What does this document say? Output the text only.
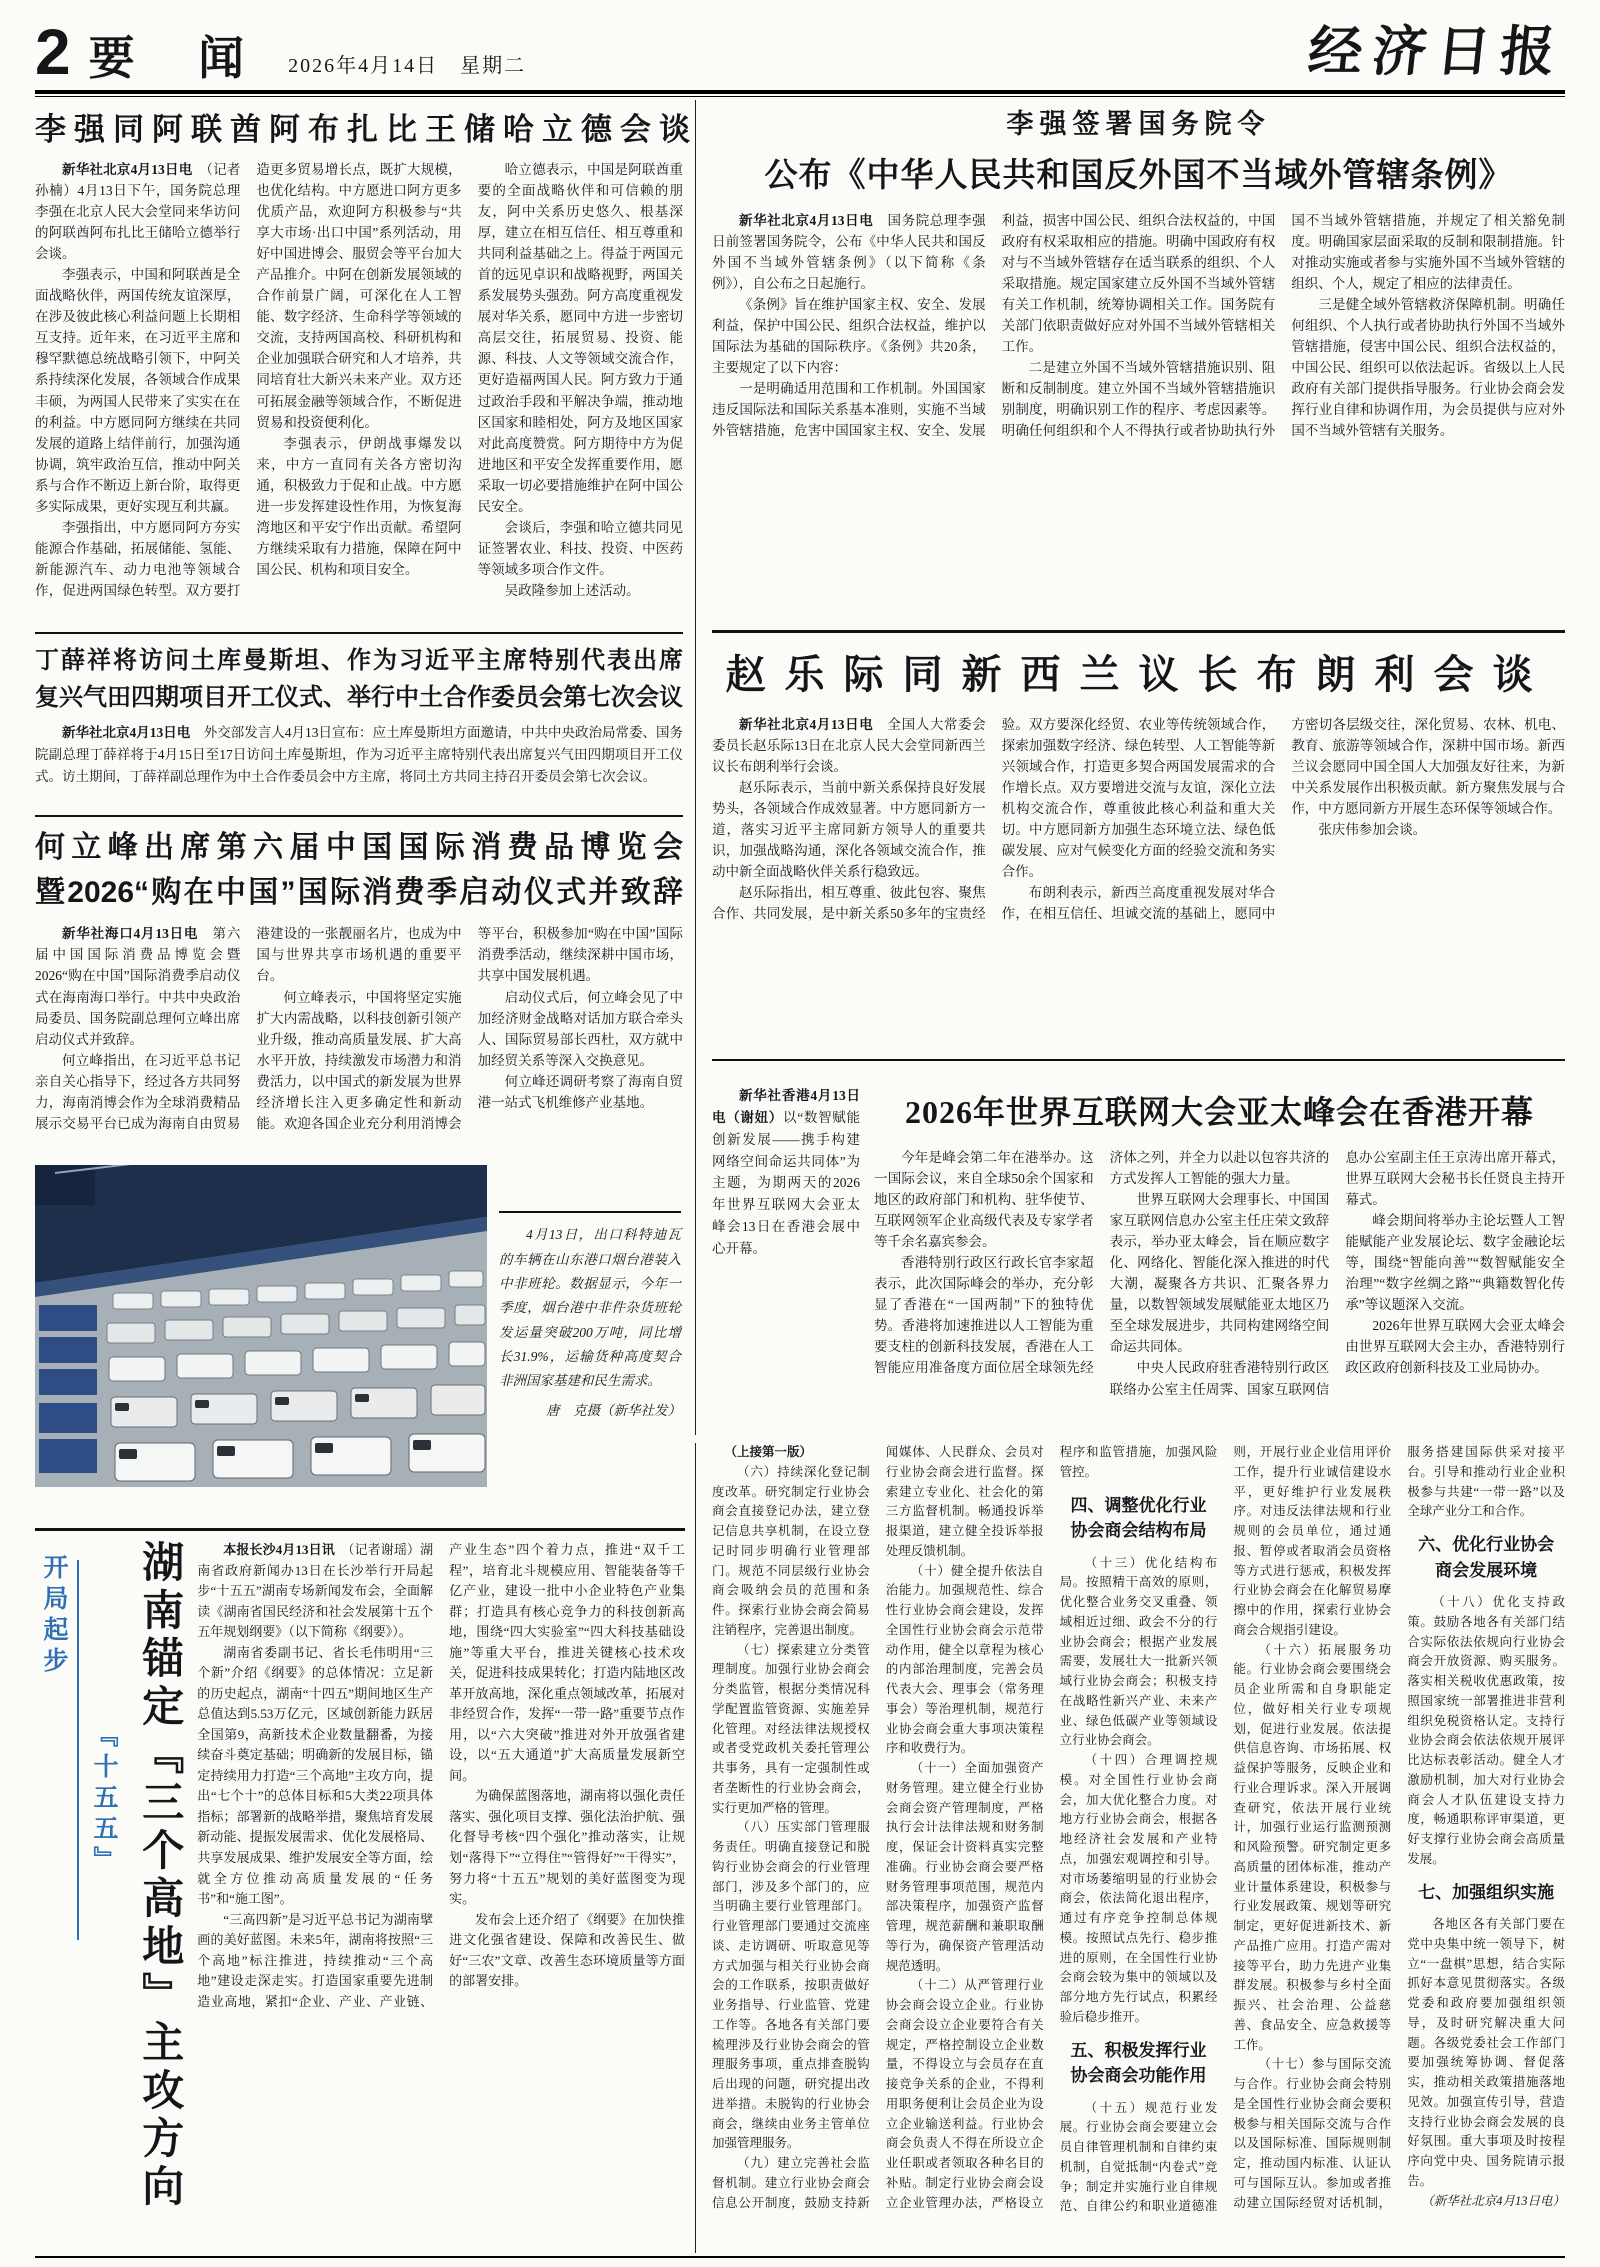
2 要 闻 2026年4月14日　 星期二	经济日报
李强同阿联酋阿布扎比王储哈立德会谈

新华社北京4月13日电　（记者孙楠）4月13日下午，国务院总理李强在北京人民大会堂同来华访问的阿联酋阿布扎比王储哈立德举行会谈。

李强表示，中国和阿联酋是全面战略伙伴，两国传统友谊深厚，在涉及彼此核心利益问题上长期相互支持。近年来，在习近平主席和穆罕默德总统战略引领下，中阿关系持续深化发展，各领域合作成果丰硕，为两国人民带来了实实在在的利益。中方愿同阿方继续在共同发展的道路上结伴前行，加强沟通协调，筑牢政治互信，推动中阿关系与合作不断迈上新台阶，取得更多实际成果，更好实现互利共赢。

李强指出，中方愿同阿方夯实能源合作基础，拓展储能、氢能、新能源汽车、动力电池等领域合作，促进两国绿色转型。双方要打造更多贸易增长点，既扩大规模，也优化结构。中方愿进口阿方更多优质产品，欢迎阿方积极参与“共享大市场·出口中国”系列活动，用好中国进博会、服贸会等平台加大产品推介。中阿在创新发展领域的合作前景广阔，可深化在人工智能、数字经济、生命科学等领域的交流，支持两国高校、科研机构和企业加强联合研究和人才培养，共同培育壮大新兴未来产业。双方还可拓展金融等领域合作，不断促进贸易和投资便利化。

李强表示，伊朗战事爆发以来，中方一直同有关各方密切沟通，积极致力于促和止战。中方愿进一步发挥建设性作用，为恢复海湾地区和平安宁作出贡献。希望阿方继续采取有力措施，保障在阿中国公民、机构和项目安全。

哈立德表示，中国是阿联酋重要的全面战略伙伴和可信赖的朋友，阿中关系历史悠久、根基深厚，建立在相互信任、相互尊重和共同利益基础之上。得益于两国元首的远见卓识和战略视野，两国关系发展势头强劲。阿方高度重视发展对华关系，愿同中方进一步密切高层交往，拓展贸易、投资、能源、科技、人文等领域交流合作，更好造福两国人民。阿方致力于通过政治手段和平解决争端，推动地区国家和睦相处，阿方及地区国家对此高度赞赏。阿方期待中方为促进地区和平安全发挥重要作用，愿采取一切必要措施维护在阿中国公民安全。

会谈后，李强和哈立德共同见证签署农业、科技、投资、中医药等领域多项合作文件。

吴政隆参加上述活动。

丁薛祥将访问土库曼斯坦、作为习近平主席特别代表出席
复兴气田四期项目开工仪式、举行中土合作委员会第七次会议

新华社北京4月13日电　外交部发言人4月13日宣布：应土库曼斯坦方面邀请，中共中央政治局常委、国务院副总理丁薛祥将于4月15日至17日访问土库曼斯坦，作为习近平主席特别代表出席复兴气田四期项目开工仪式。访土期间，丁薛祥副总理作为中土合作委员会中方主席，将同土方共同主持召开委员会第七次会议。

何立峰出席第六届中国国际消费品博览会
暨2026“购在中国”国际消费季启动仪式并致辞

新华社海口4月13日电　第六届中国国际消费品博览会暨2026“购在中国”国际消费季启动仪式在海南海口举行。中共中央政治局委员、国务院副总理何立峰出席启动仪式并致辞。

何立峰指出，在习近平总书记亲自关心指导下，经过各方共同努力，海南消博会作为全球消费精品展示交易平台已成为海南自由贸易港建设的一张靓丽名片，也成为中国与世界共享市场机遇的重要平台。

何立峰表示，中国将坚定实施扩大内需战略，以科技创新引领产业升级，推动高质量发展、扩大高水平开放，持续激发市场潜力和消费活力，以中国式的新发展为世界经济增长注入更多确定性和新动能。欢迎各国企业充分利用消博会等平台，积极参加“购在中国”国际消费季活动，继续深耕中国市场，共享中国发展机遇。

启动仪式后，何立峰会见了中加经济财金战略对话加方联合牵头人、国际贸易部长西杜，双方就中加经贸关系等深入交换意见。

何立峰还调研考察了海南自贸港一站式飞机维修产业基地。

4月13日，出口科特迪瓦的车辆在山东港口烟台港装入中非班轮。数据显示，今年一季度，烟台港中非件杂货班轮发运量突破200万吨，同比增长31.9%，运输货种高度契合非洲国家基建和民生需求。
唐　克摄（新华社发）
李强签署国务院令
公布《中华人民共和国反外国不当域外管辖条例》

新华社北京4月13日电　国务院总理李强日前签署国务院令，公布《中华人民共和国反外国不当域外管辖条例》（以下简称《条例》），自公布之日起施行。

《条例》旨在维护国家主权、安全、发展利益，保护中国公民、组织合法权益，维护以国际法为基础的国际秩序。《条例》共20条，主要规定了以下内容：

一是明确适用范围和工作机制。外国国家违反国际法和国际关系基本准则，实施不当域外管辖措施，危害中国国家主权、安全、发展利益，损害中国公民、组织合法权益的，中国政府有权采取相应的措施。明确中国政府有权对与不当域外管辖存在适当联系的组织、个人采取措施。规定国家建立反外国不当域外管辖有关工作机制，统筹协调相关工作。国务院有关部门依职责做好应对外国不当域外管辖相关工作。

二是建立外国不当域外管辖措施识别、阻断和反制制度。建立外国不当域外管辖措施识别制度，明确识别工作的程序、考虑因素等。明确任何组织和个人不得执行或者协助执行外国不当域外管辖措施，并规定了相关豁免制度。明确国家层面采取的反制和限制措施。针对推动实施或者参与实施外国不当域外管辖的组织、个人，规定了相应的法律责任。

三是健全域外管辖救济保障机制。明确任何组织、个人执行或者协助执行外国不当域外管辖措施，侵害中国公民、组织合法权益的，中国公民、组织可以依法起诉。省级以上人民政府有关部门提供指导服务。行业协会商会发挥行业自律和协调作用，为会员提供与应对外国不当域外管辖有关服务。

赵乐际同新西兰议长布朗利会谈

新华社北京4月13日电　全国人大常委会委员长赵乐际13日在北京人民大会堂同新西兰议长布朗利举行会谈。

赵乐际表示，当前中新关系保持良好发展势头，各领域合作成效显著。中方愿同新方一道，落实习近平主席同新方领导人的重要共识，加强战略沟通，深化各领域交流合作，推动中新全面战略伙伴关系行稳致远。

赵乐际指出，相互尊重、彼此包容、聚焦合作、共同发展，是中新关系50多年的宝贵经验。双方要深化经贸、农业等传统领域合作，探索加强数字经济、绿色转型、人工智能等新兴领域合作，打造更多契合两国发展需求的合作增长点。双方要增进交流与友谊，深化立法机构交流合作，尊重彼此核心利益和重大关切。中方愿同新方加强生态环境立法、绿色低碳发展、应对气候变化方面的经验交流和务实合作。

布朗利表示，新西兰高度重视发展对华合作，在相互信任、坦诚交流的基础上，愿同中方密切各层级交往，深化贸易、农林、机电、教育、旅游等领域合作，深耕中国市场。新西兰议会愿同中国全国人大加强友好往来，为新中关系发展作出积极贡献。新方聚焦发展与合作，中方愿同新方开展生态环保等领域合作。

张庆伟参加会谈。

新华社香港4月13日电（谢妞）以“数智赋能 创新发展——携手构建网络空间命运共同体”为主题，为期两天的2026年世界互联网大会亚太峰会13日在香港会展中心开幕。

2026年世界互联网大会亚太峰会在香港开幕

今年是峰会第二年在港举办。这一国际会议，来自全球50余个国家和地区的政府部门和机构、驻华使节、互联网领军企业高级代表及专家学者等千余名嘉宾参会。

香港特别行政区行政长官李家超表示，此次国际峰会的举办，充分彰显了香港在“一国两制”下的独特优势。香港将加速推进以人工智能为重要支柱的创新科技发展，香港在人工智能应用准备度方面位居全球领先经济体之列，并全力以赴以包容共济的方式发挥人工智能的强大力量。

世界互联网大会理事长、中国国家互联网信息办公室主任庄荣文致辞表示，举办亚太峰会，旨在顺应数字化、网络化、智能化深入推进的时代大潮，凝聚各方共识、汇聚各界力量，以数智领域发展赋能亚太地区乃至全球发展进步，共同构建网络空间命运共同体。

中央人民政府驻香港特别行政区联络办公室主任周霁、国家互联网信息办公室副主任王京涛出席开幕式，世界互联网大会秘书长任贤良主持开幕式。

峰会期间将举办主论坛暨人工智能赋能产业发展论坛、数字金融论坛等，围绕“智能向善”“数智赋能安全治理”“数字丝绸之路”“典籍数智化传承”等议题深入交流。

2026年世界互联网大会亚太峰会由世界互联网大会主办，香港特别行政区政府创新科技及工业局协办。

开局起步
『十五五』 湖南锚定『三个高地』主攻方向	本报长沙4月13日讯　（记者谢瑶）湖南省政府新闻办13日在长沙举行开局起步“十五五”湖南专场新闻发布会，全面解读《湖南省国民经济和社会发展第十五个五年规划纲要》（以下简称《纲要》）。

湖南省委副书记、省长毛伟明用“三个新”介绍《纲要》的总体情况：立足新的历史起点，湖南“十四五”期间地区生产总值达到5.53万亿元，区域创新能力跃居全国第9，高新技术企业数量翻番，为接续奋斗奠定基础；明确新的发展目标，锚定持续用力打造“三个高地”主攻方向，提出“七个十”的总体目标和5大类22项具体指标；部署新的战略举措，聚焦培育发展新动能、提振发展需求、优化发展格局、共享发展成果、维护发展安全等方面，绘就全方位推动高质量发展的“任务书”和“施工图”。

“三高四新”是习近平总书记为湖南擘画的美好蓝图。未来5年，湖南将按照“三个高地”标注推进，持续推动“三个高地”建设走深走实。打造国家重要先进制造业高地，紧扣“企业、产业、产业链、产业生态”四个着力点，推进“双千工程”，培育北斗规模应用、智能装备等千亿产业，建设一批中小企业特色产业集群；打造具有核心竞争力的科技创新高地，围绕“四大实验室”“四大科技基础设施”等重大平台，推进关键核心技术攻关，促进科技成果转化；打造内陆地区改革开放高地，深化重点领域改革，拓展对非经贸合作，发挥“一带一路”重要节点作用，以“六大突破”推进对外开放强省建设，以“五大通道”扩大高质量发展新空间。

为确保蓝图落地，湖南将以强化责任落实、强化项目支撑、强化法治护航、强化督导考核“四个强化”推动落实，让规划“落得下”“立得住”“管得好”“干得实”，努力将“十五五”规划的美好蓝图变为现实。

发布会上还介绍了《纲要》在加快推进文化强省建设、保障和改善民生、做好“三农”文章、改善生态环境质量等方面的部署安排。

（上接第一版）

（六）持续深化登记制度改革。研究制定行业协会商会直接登记办法，建立登记信息共享机制，在设立登记时同步明确行业管理部门。规范不同层级行业协会商会吸纳会员的范围和条件。探索行业协会商会简易注销程序，完善退出制度。

（七）探索建立分类管理制度。加强行业协会商会分类监管，根据分类情况科学配置监管资源、实施差异化管理。对经法律法规授权或者受党政机关委托管理公共事务，具有一定强制性或者垄断性的行业协会商会，实行更加严格的管理。

（八）压实部门管理服务责任。明确直接登记和脱钩行业协会商会的行业管理部门，涉及多个部门的，应当明确主要行业管理部门。行业管理部门要通过交流座谈、走访调研、听取意见等方式加强与相关行业协会商会的工作联系，按职责做好业务指导、行业监管、党建工作等。各地各有关部门要梳理涉及行业协会商会的管理服务事项，重点排查脱钩后出现的问题，研究提出改进举措。未脱钩的行业协会商会，继续由业务主管单位加强管理服务。

（九）建立完善社会监督机制。建立行业协会商会信息公开制度，鼓励支持新闻媒体、人民群众、会员对行业协会商会进行监督。探索建立专业化、社会化的第三方监督机制。畅通投诉举报渠道，建立健全投诉举报处理反馈机制。

（十）健全提升依法自治能力。加强规范性、综合性行业协会商会建设，发挥全国性行业协会商会示范带动作用，健全以章程为核心的内部治理制度，完善会员代表大会、理事会（常务理事会）等治理机制，规范行业协会商会重大事项决策程序和收费行为。

（十一）全面加强资产财务管理。建立健全行业协会商会资产管理制度，严格执行会计法律法规和财务制度，保证会计资料真实完整准确。行业协会商会要严格财务管理事项范围，规范内部决策程序，加强资产监督管理，规范薪酬和兼职取酬等行为，确保资产管理活动规范透明。

（十二）从严管理行业协会商会设立企业。行业协会商会设立企业要符合有关规定，严格控制设立企业数量，不得设立与会员存在直接竞争关系的企业，不得利用职务便利让会员企业为设立企业输送利益。行业协会商会负责人不得在所设立企业任职或者领取各种名目的补贴。制定行业协会商会设立企业管理办法，严格设立程序和监管措施，加强风险管控。

四、调整优化行业协会商会结构布局

（十三）优化结构布局。按照精干高效的原则，优化整合业务交叉重叠、领域相近过细、政会不分的行业协会商会；根据产业发展需要，发展壮大一批新兴领域行业协会商会；积极支持在战略性新兴产业、未来产业、绿色低碳产业等领域设立行业协会商会。

（十四）合理调控规模。对全国性行业协会商会，加大优化整合力度。对地方行业协会商会，根据各地经济社会发展和产业特点，加强宏观调控和引导。对市场萎缩明显的行业协会商会，依法简化退出程序，通过有序竞争控制总体规模。按照试点先行、稳步推进的原则，在全国性行业协会商会较为集中的领域以及部分地方先行试点，积累经验后稳步推开。

五、积极发挥行业协会商会功能作用

（十五）规范行业发展。行业协会商会要建立会员自律管理机制和自律约束机制，自觉抵制“内卷式”竞争；制定并实施行业自律规范、自律公约和职业道德准则，开展行业企业信用评价工作，提升行业诚信建设水平，更好维护行业发展秩序。对违反法律法规和行业规则的会员单位，通过通报、暂停或者取消会员资格等方式进行惩戒，积极发挥行业协会商会在化解贸易摩擦中的作用，探索行业协会商会合规指引建设。

（十六）拓展服务功能。行业协会商会要围绕会员企业所需和自身职能定位，做好相关行业专项规划，促进行业发展。依法提供信息咨询、市场拓展、权益保护等服务，反映企业和行业合理诉求。深入开展调查研究，依法开展行业统计，加强行业运行监测预测和风险预警。研究制定更多高质量的团体标准，推动产业计量体系建设，积极参与行业发展政策、规划等研究制定，更好促进新技术、新产品推广应用。打造产需对接等平台，助力先进产业集群发展。积极参与乡村全面振兴、社会治理、公益慈善、食品安全、应急救援等工作。

（十七）参与国际交流与合作。行业协会商会特别是全国性行业协会商会要积极参与相关国际交流与合作以及国际标准、国际规则制定，推动国内标准、认证认可与国际互认。参加或者推动建立国际经贸对话机制，服务搭建国际供采对接平台。引导和推动行业企业积极参与共建“一带一路”以及全球产业分工和合作。

六、优化行业协会商会发展环境

（十八）优化支持政策。鼓励各地各有关部门结合实际依法依规向行业协会商会开放资源、购买服务。落实相关税收优惠政策，按照国家统一部署推进非营利组织免税资格认定。支持行业协会商会依法依规开展评比达标表彰活动。健全人才激励机制，加大对行业协会商会人才队伍建设支持力度，畅通职称评审渠道，更好支撑行业协会商会高质量发展。

七、加强组织实施

各地区各有关部门要在党中央集中统一领导下，树立“一盘棋”思想，结合实际抓好本意见贯彻落实。各级党委和政府要加强组织领导，及时研究解决重大问题。各级党委社会工作部门要加强统筹协调、督促落实，推动相关政策措施落地见效。加强宣传引导，营造支持行业协会商会发展的良好氛围。重大事项及时按程序向党中央、国务院请示报告。

（新华社北京4月13日电）
